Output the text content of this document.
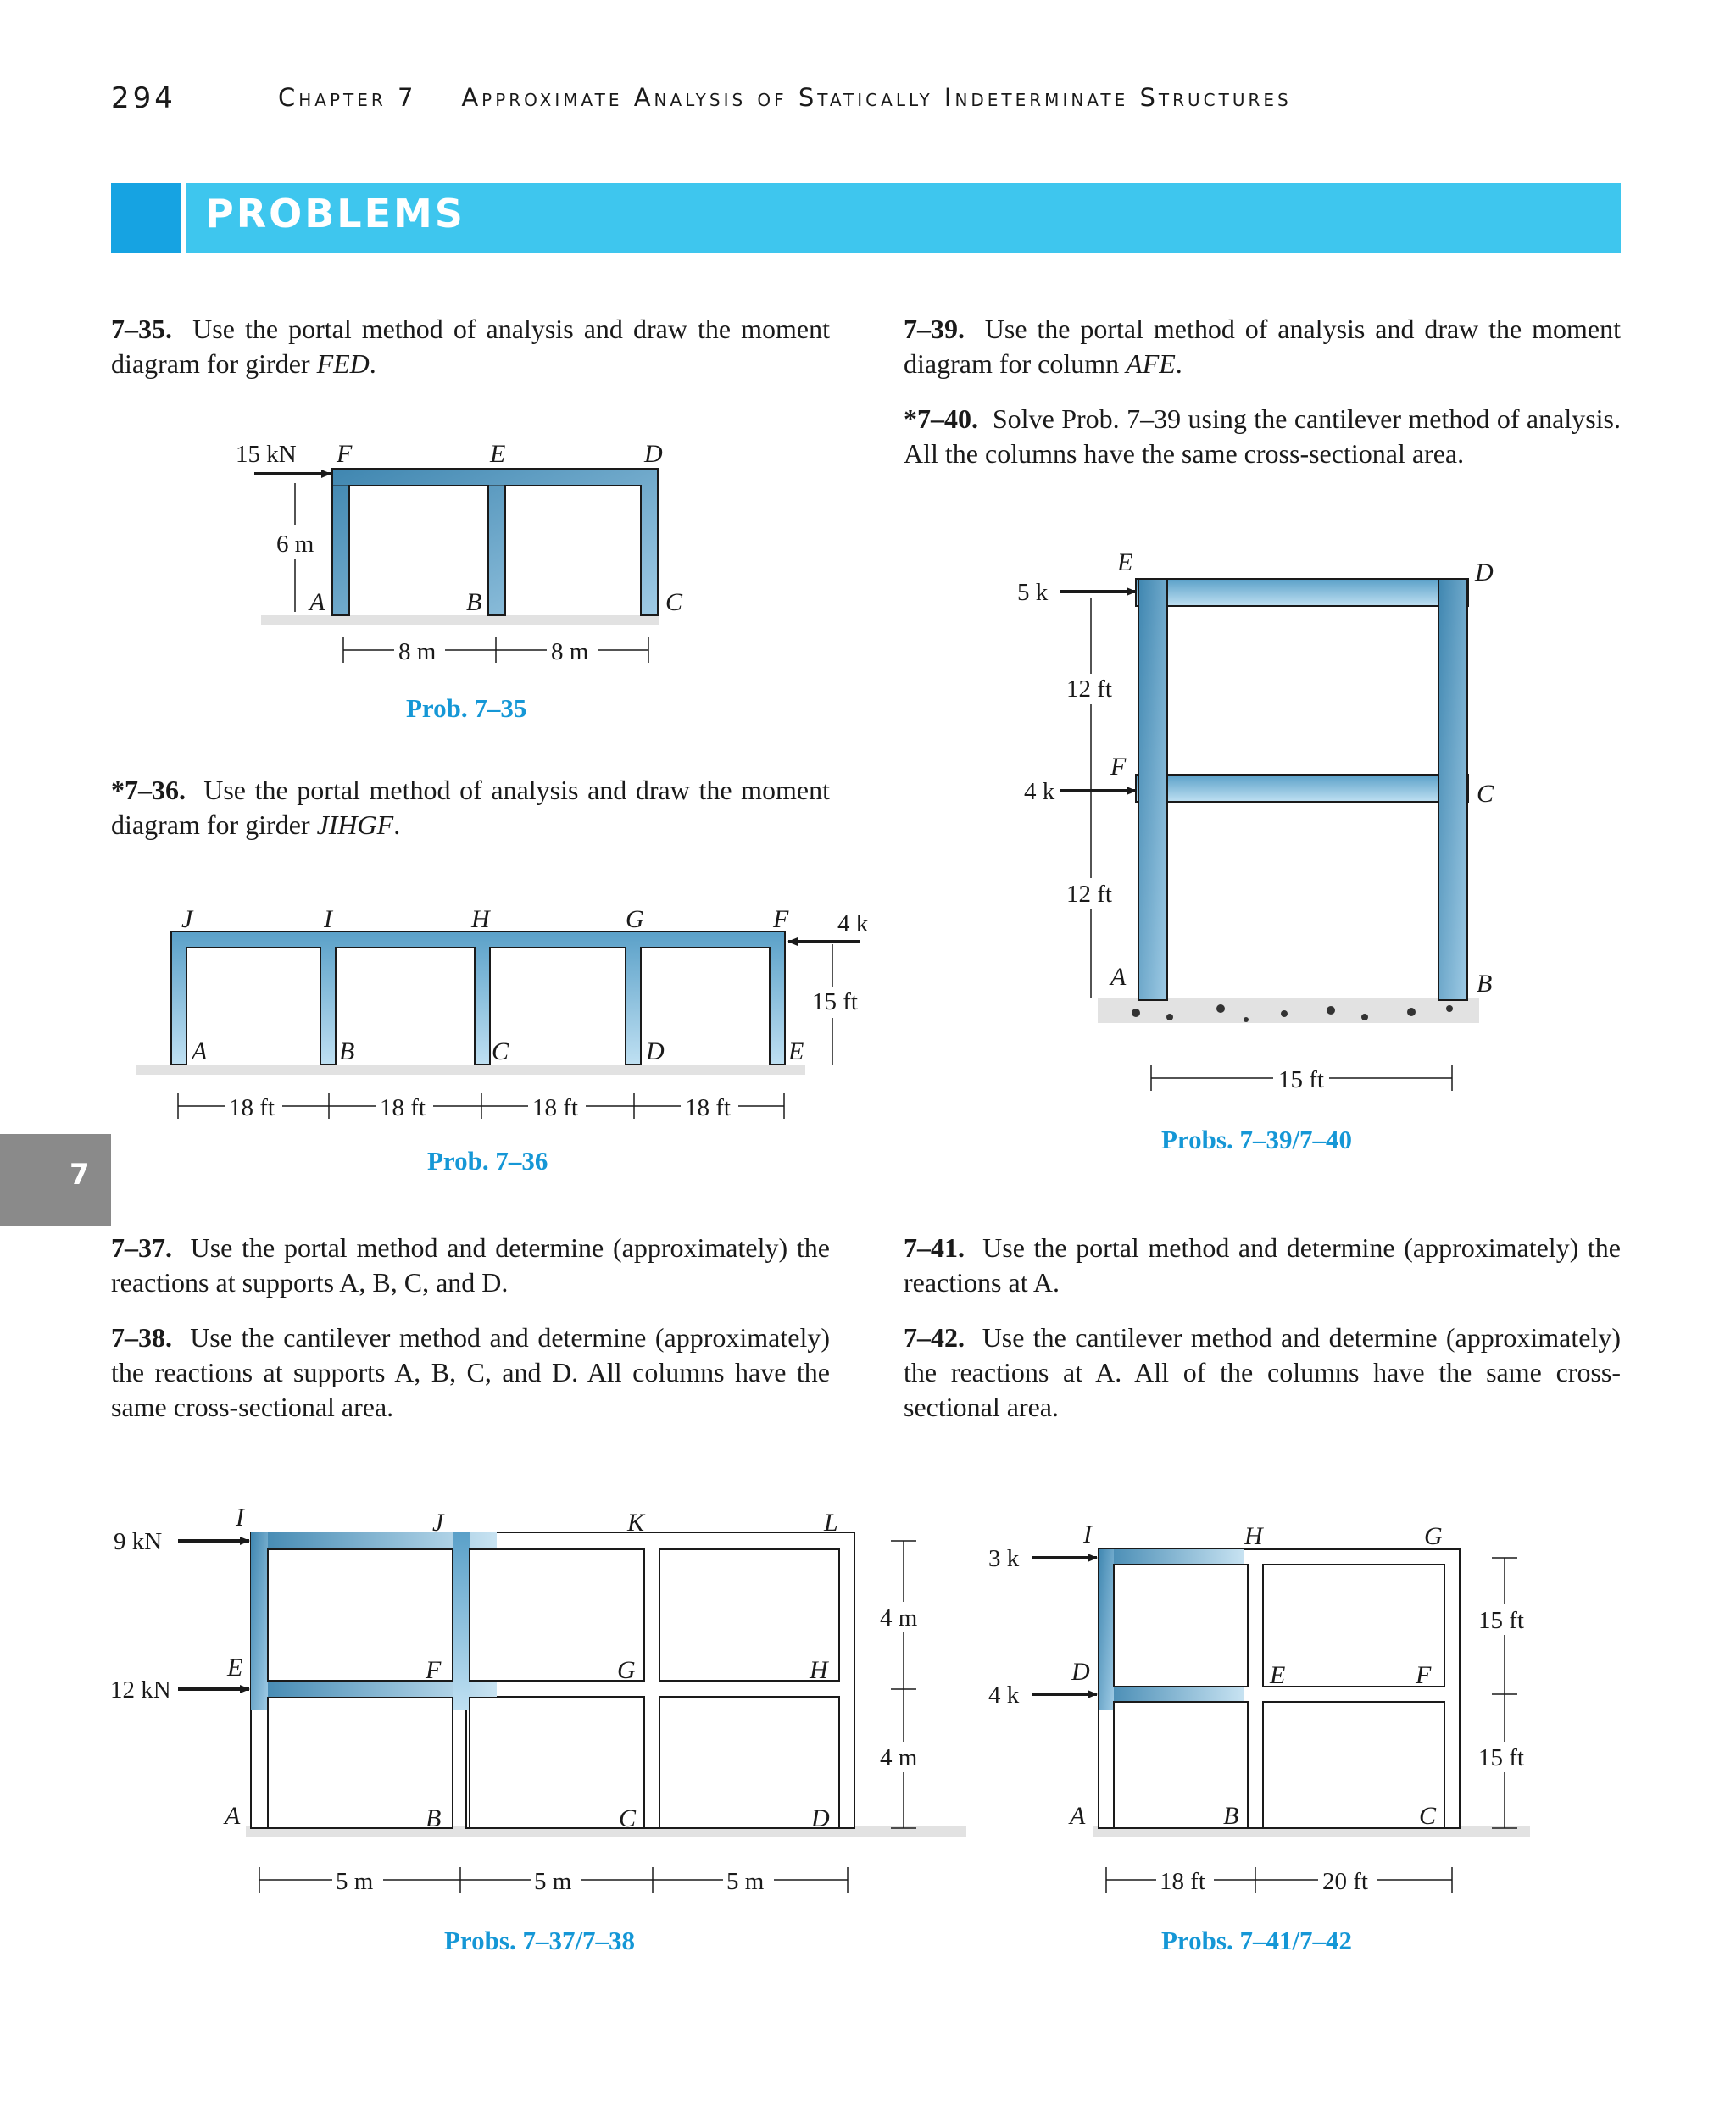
294	Chapter 7 Approximate Analysis of Statically Indeterminate Structures
PROBLEMS
7
7–35. Use the portal method of analysis and draw the moment diagram for girder FED.
*7–36. Use the portal method of analysis and draw the moment diagram for girder JIHGF.
7–37. Use the portal method and determine (approximately) the reactions at supports A, B, C, and D.
7–38. Use the cantilever method and determine (approximately) the reactions at supports A, B, C, and D. All columns have the same cross-sectional area.
7–39. Use the portal method of analysis and draw the moment diagram for column AFE.
*7–40. Solve Prob. 7–39 using the cantilever method of analysis. All the columns have the same cross-sectional area.
7–41. Use the portal method and determine (approximately) the reactions at A.
7–42. Use the cantilever method and determine (approximately) the reactions at A. All of the columns have the same cross-sectional area.
Prob. 7–35
Prob. 7–36
Probs. 7–39/7–40
Probs. 7–37/7–38	Probs. 7–41/7–42
15 kN
6 m
8 m	8 m
F	E	D
A	B	C
4 k
15 ft
18 ft	18 ft	18 ft	18 ft
J	I	H	G	F
A	B	C	D	E
5 k
4 k
12 ft
12 ft
15 ft
E	D
F
C
A	B
9 kN
12 kN
4 m
4 m
5 m	5 m	5 m
I	J	K	L
E	F	G	H
A	B	C	D
3 k
4 k
15 ft
15 ft
18 ft	20 ft
I	H	G
D	E	F
A	B	C
